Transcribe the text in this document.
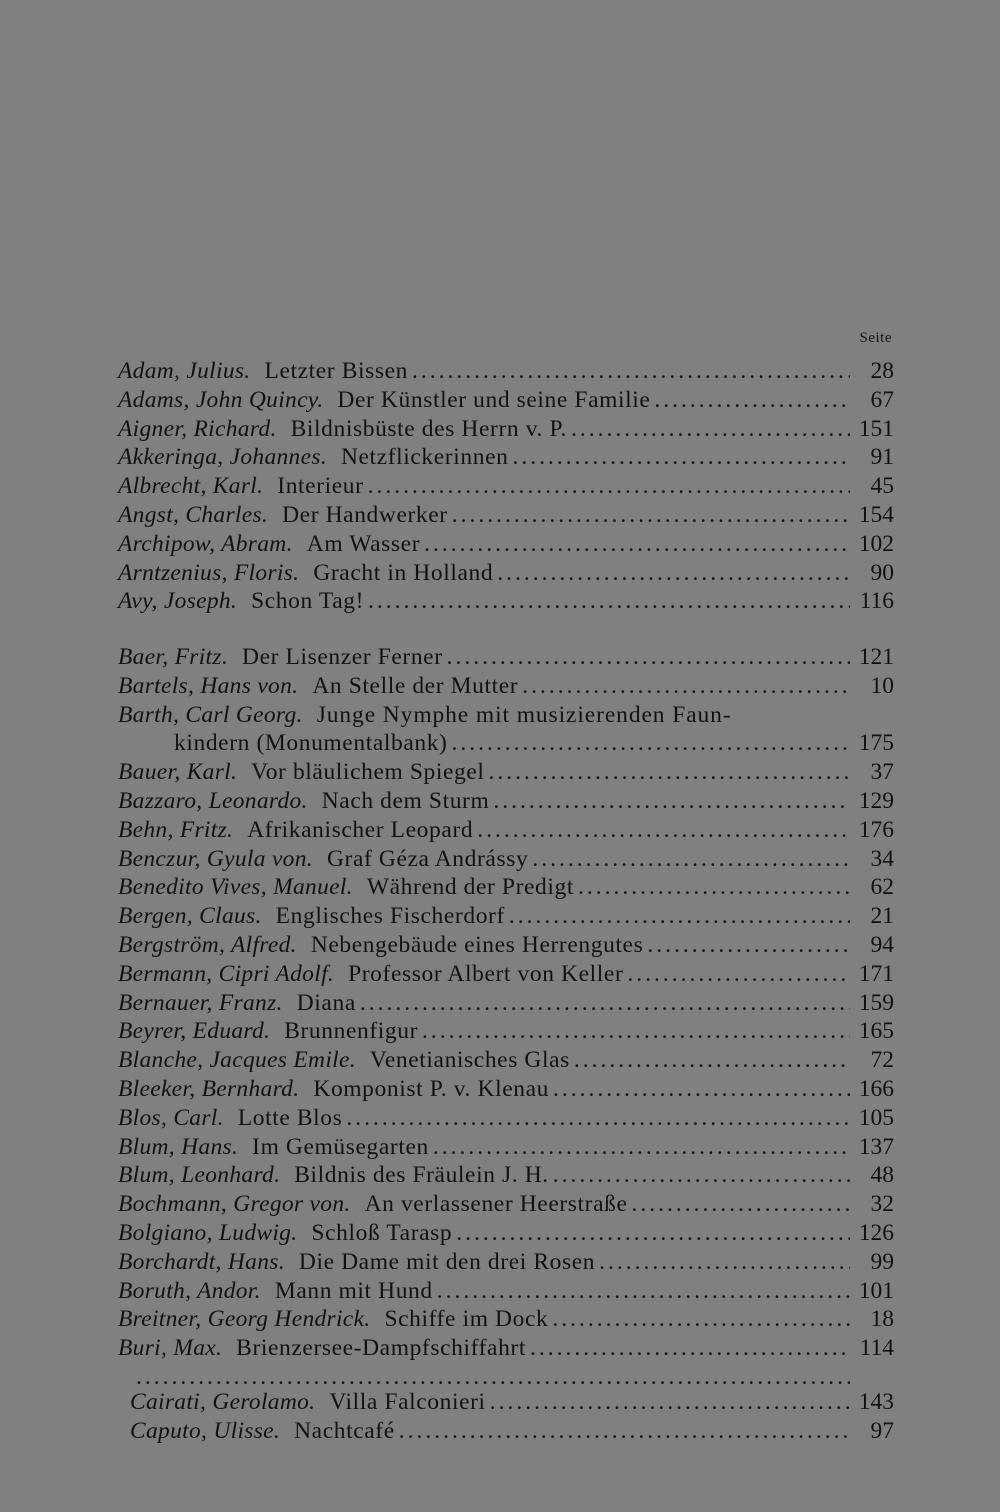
Seite
Adam, Julius. Letzter Bissen .....	28
Adams, John Quincy. Der Künstler und seine Familie .....	67
Aigner, Richard. Bildnisbüste des Herrn v. P. .....	151
Akkeringa, Johannes. Netzflickerinnen .....	91
Albrecht, Karl. Interieur .....	45
Angst, Charles. Der Handwerker .....	154
Archipow, Abram. Am Wasser .....	102
Arntzenius, Floris. Gracht in Holland .....	90
Avy, Joseph. Schon Tag! .....	116
Baer, Fritz. Der Lisenzer Ferner .....	121
Bartels, Hans von. An Stelle der Mutter .....	10
Barth, Carl Georg. Junge Nymphe mit musizierenden Faun-
kindern (Monumentalbank) .....	175
Bauer, Karl. Vor bläulichem Spiegel .....	37
Bazzaro, Leonardo. Nach dem Sturm .....	129
Behn, Fritz. Afrikanischer Leopard .....	176
Benczur, Gyula von. Graf Géza Andrássy .....	34
Benedito Vives, Manuel. Während der Predigt .....	62
Bergen, Claus. Englisches Fischerdorf .....	21
Bergström, Alfred. Nebengebäude eines Herrengutes .....	94
Bermann, Cipri Adolf. Professor Albert von Keller .....	171
Bernauer, Franz. Diana .....	159
Beyrer, Eduard. Brunnenfigur .....	165
Blanche, Jacques Emile. Venetianisches Glas .....	72
Bleeker, Bernhard. Komponist P. v. Klenau .....	166
Blos, Carl. Lotte Blos .....	105
Blum, Hans. Im Gemüsegarten .....	137
Blum, Leonhard. Bildnis des Fräulein J. H. .....	48
Bochmann, Gregor von. An verlassener Heerstraße .....	32
Bolgiano, Ludwig. Schloß Tarasp .....	126
Borchardt, Hans. Die Dame mit den drei Rosen .....	99
Boruth, Andor. Mann mit Hund .....	101
Breitner, Georg Hendrick. Schiffe im Dock .....	18
Buri, Max. Brienzersee-Dampfschiffahrt .....	114
.....
Cairati, Gerolamo. Villa Falconieri .....	143
Caputo, Ulisse. Nachtcafé .....	97
